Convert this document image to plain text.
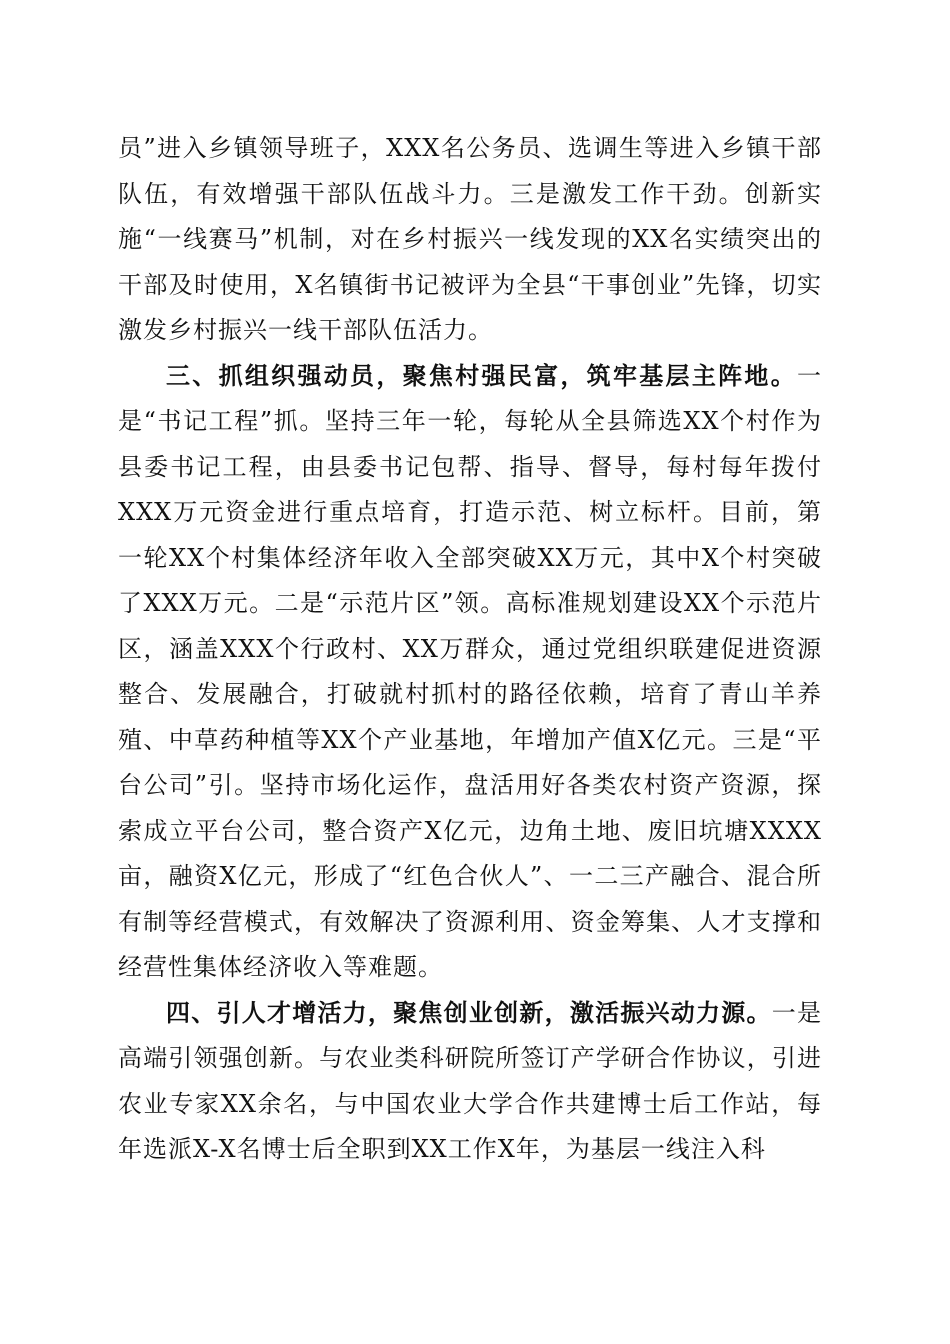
员”进入乡镇领导班子，XXX名公务员、选调生等进入乡镇干部队伍，有效增强干部队伍战斗力。三是激发工作干劲。创新实施“一线赛马”机制，对在乡村振兴一线发现的XX名实绩突出的干部及时使用，X名镇街书记被评为全县“干事创业”先锋，切实激发乡村振兴一线干部队伍活力。

三、抓组织强动员，聚焦村强民富，筑牢基层主阵地。一是“书记工程”抓。坚持三年一轮，每轮从全县筛选XX个村作为县委书记工程，由县委书记包帮、指导、督导，每村每年拨付XXX万元资金进行重点培育，打造示范、树立标杆。目前，第一轮XX个村集体经济年收入全部突破XX万元，其中X个村突破了XXX万元。二是“示范片区”领。高标准规划建设XX个示范片区，涵盖XXX个行政村、XX万群众，通过党组织联建促进资源整合、发展融合，打破就村抓村的路径依赖，培育了青山羊养殖、中草药种植等XX个产业基地，年增加产值X亿元。三是“平台公司”引。坚持市场化运作，盘活用好各类农村资产资源，探索成立平台公司，整合资产X亿元，边角土地、废旧坑塘XXXX亩，融资X亿元，形成了“红色合伙人”、一二三产融合、混合所有制等经营模式，有效解决了资源利用、资金筹集、人才支撑和经营性集体经济收入等难题。

四、引人才增活力，聚焦创业创新，激活振兴动力源。一是高端引领强创新。与农业类科研院所签订产学研合作协议，引进农业专家XX余名，与中国农业大学合作共建博士后工作站，每年选派X-X名博士后全职到XX工作X年，为基层一线注入科
